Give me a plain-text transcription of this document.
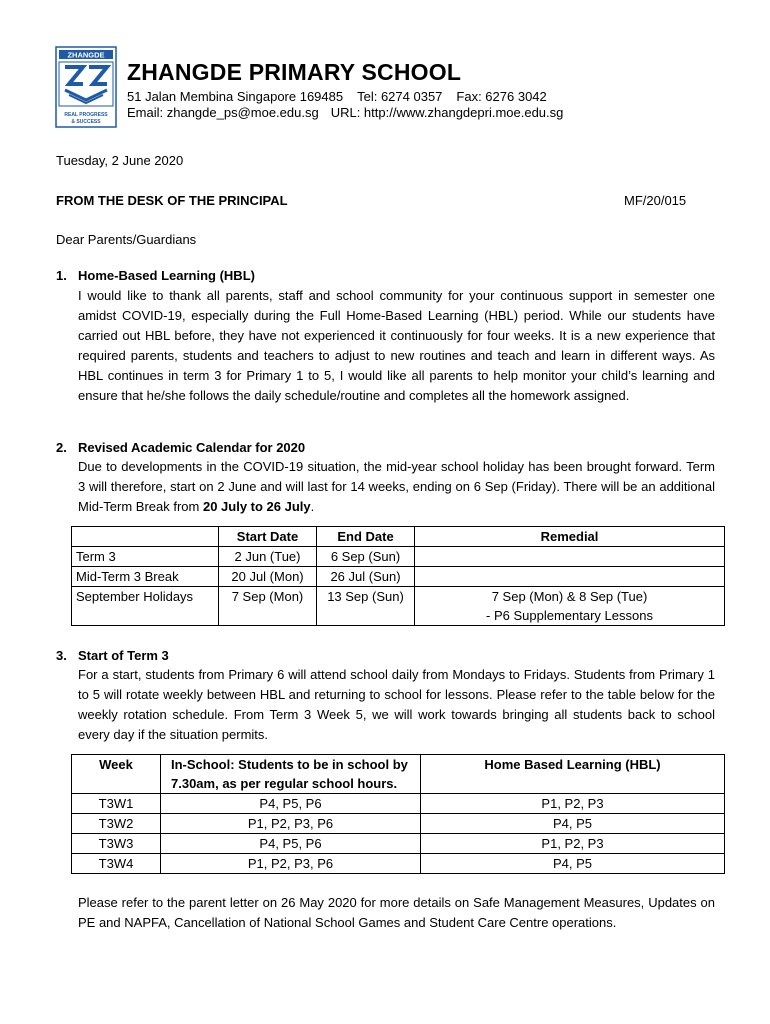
ZHANGDE
REAL PROGRESS
& SUCCESS
ZHANGDE PRIMARY SCHOOL
51 Jalan Membina Singapore 169485 Tel: 6274 0357 Fax: 6276 3042
Email: zhangde_ps@moe.edu.sg URL: http://www.zhangdepri.moe.edu.sg
Tuesday, 2 June 2020
FROM THE DESK OF THE PRINCIPAL	MF/20/015
Dear Parents/Guardians
1. Home-Based Learning (HBL)
I would like to thank all parents, staff and school community for your continuous support in semester one amidst COVID-19, especially during the Full Home-Based Learning (HBL) period. While our students have carried out HBL before, they have not experienced it continuously for four weeks. It is a new experience that required parents, students and teachers to adjust to new routines and teach and learn in different ways. As HBL continues in term 3 for Primary 1 to 5, I would like all parents to help monitor your child’s learning and ensure that he/she follows the daily schedule/routine and completes all the homework assigned.
2. Revised Academic Calendar for 2020
Due to developments in the COVID-19 situation, the mid-year school holiday has been brought forward. Term 3 will therefore, start on 2 June and will last for 14 weeks, ending on 6 Sep (Friday). There will be an additional Mid-Term Break from 20 July to 26 July.
	Start Date	End Date	Remedial
Term 3	2 Jun (Tue)	6 Sep (Sun)	
Mid-Term 3 Break	20 Jul (Mon)	26 Jul (Sun)	
September Holidays	7 Sep (Mon)	13 Sep (Sun)	7 Sep (Mon) & 8 Sep (Tue)
- P6 Supplementary Lessons
3. Start of Term 3
For a start, students from Primary 6 will attend school daily from Mondays to Fridays. Students from Primary 1 to 5 will rotate weekly between HBL and returning to school for lessons. Please refer to the table below for the weekly rotation schedule. From Term 3 Week 5, we will work towards bringing all students back to school every day if the situation permits.
Week	In-School: Students to be in school by 7.30am, as per regular school hours.	Home Based Learning (HBL)
T3W1	P4, P5, P6	P1, P2, P3
T3W2	P1, P2, P3, P6	P4, P5
T3W3	P4, P5, P6	P1, P2, P3
T3W4	P1, P2, P3, P6	P4, P5
Please refer to the parent letter on 26 May 2020 for more details on Safe Management Measures, Updates on PE and NAPFA, Cancellation of National School Games and Student Care Centre operations.
